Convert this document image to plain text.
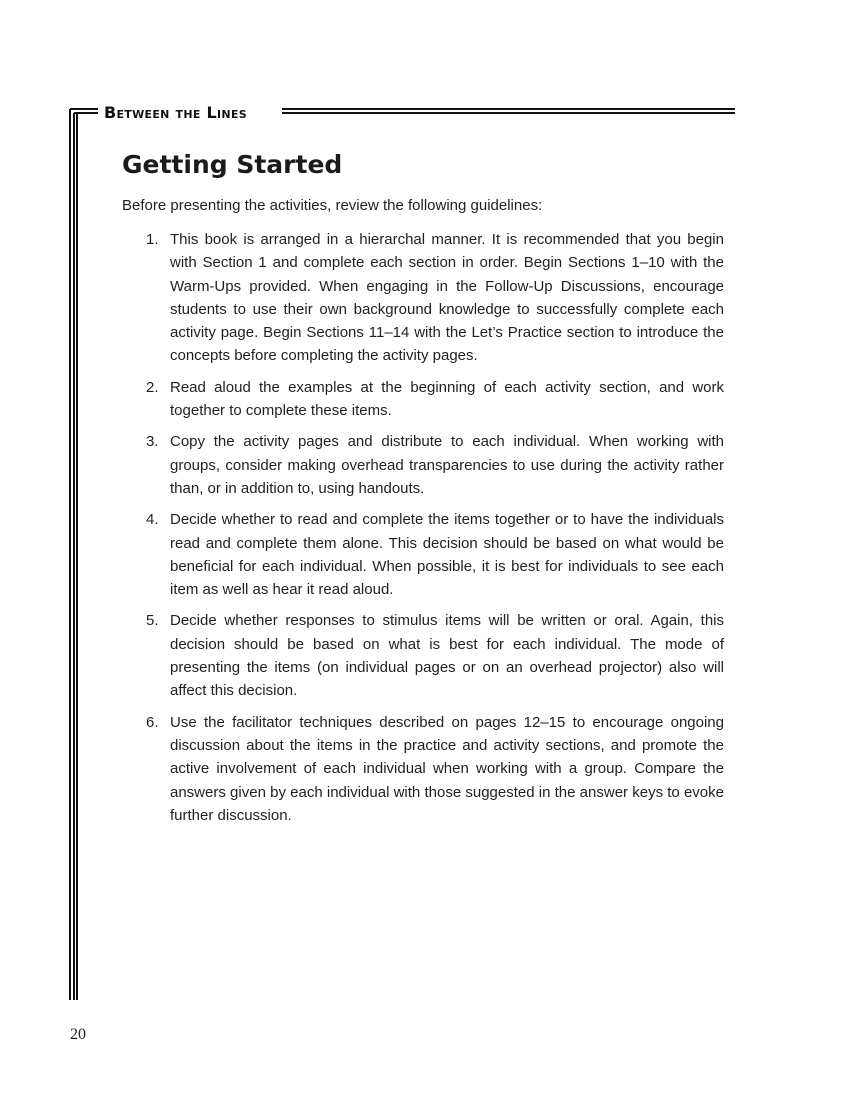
Between the Lines

Getting Started

Before presenting the activities, review the following guidelines:

1. This book is arranged in a hierarchal manner. It is recommended that you begin with Section 1 and complete each section in order. Begin Sections 1–10 with the Warm-Ups provided. When engaging in the Follow-Up Discussions, encourage students to use their own background knowledge to successfully complete each activity page. Begin Sections 11–14 with the Let’s Practice section to introduce the concepts before completing the activity pages.
2. Read aloud the examples at the beginning of each activity section, and work together to complete these items.
3. Copy the activity pages and distribute to each individual. When working with groups, consider making overhead transparencies to use during the activity rather than, or in addition to, using handouts.
4. Decide whether to read and complete the items together or to have the individuals read and complete them alone. This decision should be based on what would be beneficial for each individual. When possible, it is best for individuals to see each item as well as hear it read aloud.
5. Decide whether responses to stimulus items will be written or oral. Again, this decision should be based on what is best for each individual. The mode of presenting the items (on individual pages or on an overhead projector) also will affect this decision.
6. Use the facilitator techniques described on pages 12–15 to encourage ongoing discussion about the items in the practice and activity sections, and promote the active involvement of each individual when working with a group. Compare the answers given by each individual with those suggested in the answer keys to evoke further discussion.

20
